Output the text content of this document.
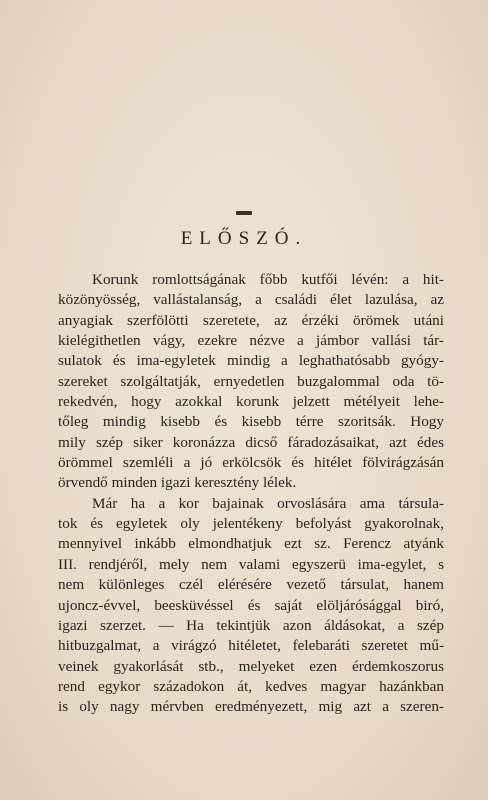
ELŐSZÓ.
Korunk romlottságának főbb kutfői lévén: a hit-
közönyösség, vallástalanság, a családi élet lazulása, az
anyagiak szerfölötti szeretete, az érzéki örömek utáni
kielégithetlen vágy, ezekre nézve a jámbor vallási tár-
sulatok és ima-egyletek mindig a leghathatósabb gyógy-
szereket szolgáltatják, ernyedetlen buzgalommal oda tö-
rekedvén, hogy azokkal korunk jelzett métélyeit lehe-
tőleg mindig kisebb és kisebb térre szoritsák. Hogy
mily szép siker koronázza dicső fáradozásaikat, azt édes
örömmel szemléli a jó erkölcsök és hitélet fölvirágzásán
örvendő minden igazi keresztény lélek.
Már ha a kor bajainak orvoslására ama társula-
tok és egyletek oly jelentékeny befolyást gyakorolnak,
mennyivel inkább elmondhatjuk ezt sz. Ferencz atyánk
III. rendjéről, mely nem valami egyszerü ima-egylet, s
nem különleges czél elérésére vezető társulat, hanem
ujoncz-évvel, beesküvéssel és saját elöljárósággal biró,
igazi szerzet. — Ha tekintjük azon áldásokat, a szép
hitbuzgalmat, a virágzó hitéletet, felebaráti szeretet mű-
veinek gyakorlását stb., melyeket ezen érdemkoszorus
rend egykor századokon át, kedves magyar hazánkban
is oly nagy mérvben eredményezett, mig azt a szeren-
